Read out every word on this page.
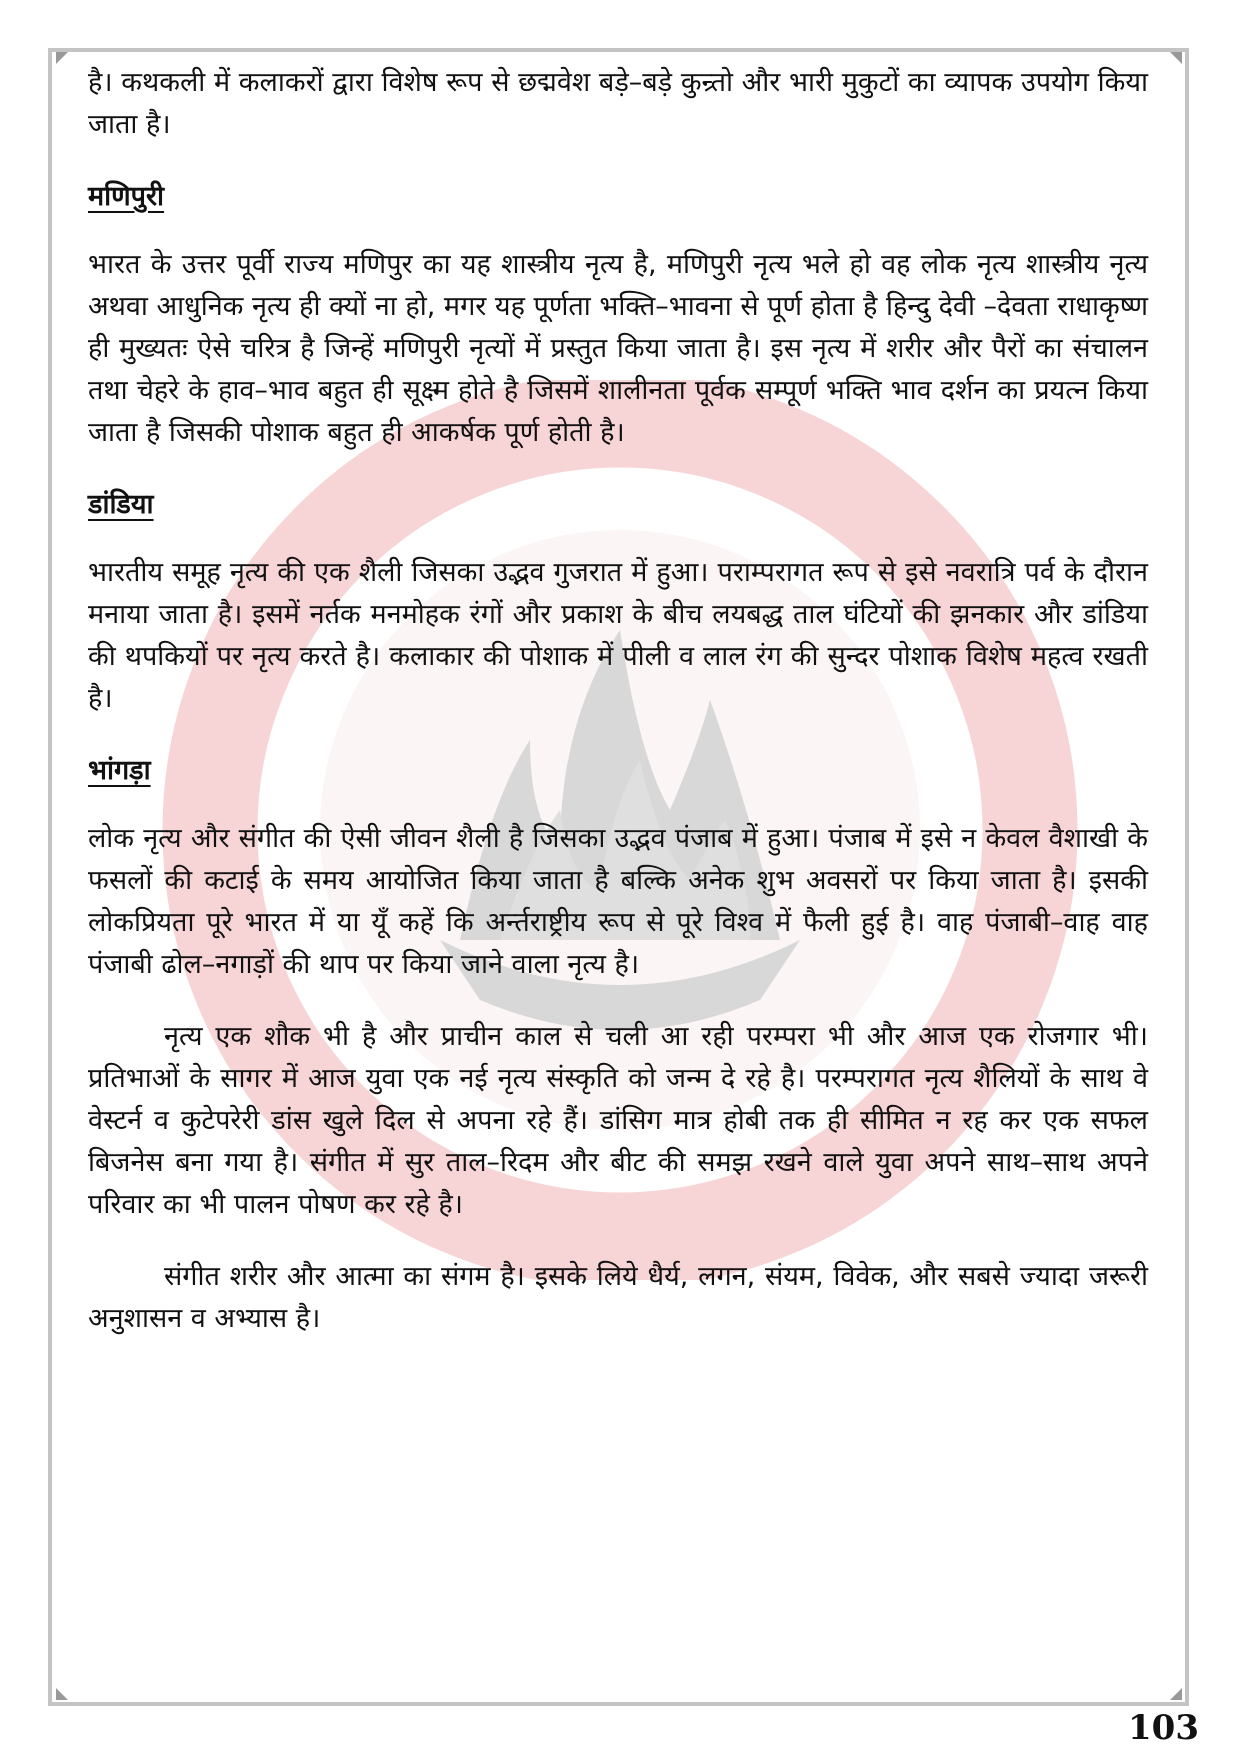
है। कथकली में कलाकरों द्वारा विशेष रूप से छद्मवेश बड़े–बड़े कुन्र्तो और भारी मुकुटों का व्यापक उपयोग किया जाता है।

मणिपुरी

भारत के उत्तर पूर्वी राज्य मणिपुर का यह शास्त्रीय नृत्य है, मणिपुरी नृत्य भले हो वह लोक नृत्य शास्त्रीय नृत्य अथवा आधुनिक नृत्य ही क्यों ना हो, मगर यह पूर्णता भक्ति–भावना से पूर्ण होता है हिन्दु देवी –देवता राधाकृष्ण ही मुख्यतः ऐसे चरित्र है जिन्हें मणिपुरी नृत्यों में प्रस्तुत किया जाता है। इस नृत्य में शरीर और पैरों का संचालन तथा चेहरे के हाव–भाव बहुत ही सूक्ष्म होते है जिसमें शालीनता पूर्वक सम्पूर्ण भक्ति भाव दर्शन का प्रयत्न किया जाता है जिसकी पोशाक बहुत ही आकर्षक पूर्ण होती है।

डांडिया

भारतीय समूह नृत्य की एक शैली जिसका उद्भव गुजरात में हुआ। पराम्परागत रूप से इसे नवरात्रि पर्व के दौरान मनाया जाता है। इसमें नर्तक मनमोहक रंगों और प्रकाश के बीच लयबद्ध ताल घंटियों की झनकार और डांडिया की थपकियों पर नृत्य करते है। कलाकार की पोशाक में पीली व लाल रंग की सुन्दर पोशाक विशेष महत्व रखती है।

भांगड़ा

लोक नृत्य और संगीत की ऐसी जीवन शैली है जिसका उद्भव पंजाब में हुआ। पंजाब में इसे न केवल वैशाखी के फसलों की कटाई के समय आयोजित किया जाता है बल्कि अनेक शुभ अवसरों पर किया जाता है। इसकी लोकप्रियता पूरे भारत में या यूँ कहें कि अर्न्तराष्ट्रीय रूप से पूरे विश्व में फैली हुई है। वाह पंजाबी–वाह वाह पंजाबी ढोल–नगाड़ों की थाप पर किया जाने वाला नृत्य है।

नृत्य एक शौक भी है और प्राचीन काल से चली आ रही परम्परा भी और आज एक रोजगार भी। प्रतिभाओं के सागर में आज युवा एक नई नृत्य संस्कृति को जन्म दे रहे है। परम्परागत नृत्य शैलियों के साथ वे वेस्टर्न व कुटेपरेरी डांस खुले दिल से अपना रहे हैं। डांसिग मात्र होबी तक ही सीमित न रह कर एक सफल बिजनेस बना गया है। संगीत में सुर ताल–रिदम और बीट की समझ रखने वाले युवा अपने साथ–साथ अपने परिवार का भी पालन पोषण कर रहे है।

संगीत शरीर और आत्मा का संगम है। इसके लिये धैर्य, लगन, संयम, विवेक, और सबसे ज्यादा जरूरी अनुशासन व अभ्यास है।

103
